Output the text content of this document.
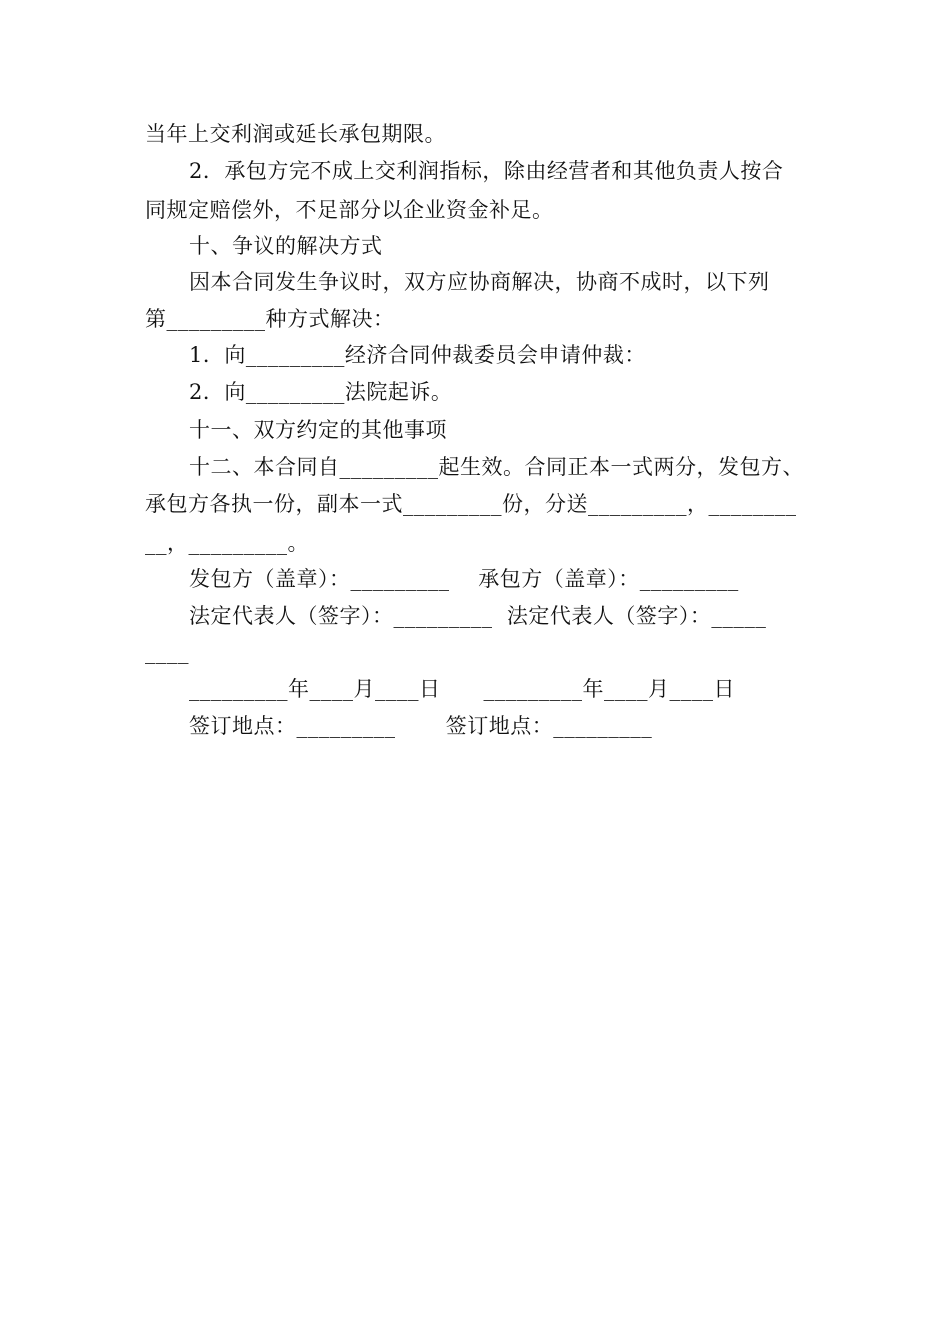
当年上交利润或延长承包期限。
2．承包方完不成上交利润指标，除由经营者和其他负责人按合
同规定赔偿外，不足部分以企业资金补足。
十、争议的解决方式
因本合同发生争议时，双方应协商解决，协商不成时，以下列
第_________种方式解决：
1．向_________经济合同仲裁委员会申请仲裁：
2．向_________法院起诉。
十一、双方约定的其他事项
十二、本合同自_________起生效。合同正本一式两分，发包方、
承包方各执一份，副本一式_________份，分送_________，________
__，_________。
发包方（盖章）：_________    承包方（盖章）：_________
法定代表人（签字）：_________  法定代表人（签字）：_____
____
_________年____月____日      _________年____月____日
签订地点：_________       签订地点：_________
